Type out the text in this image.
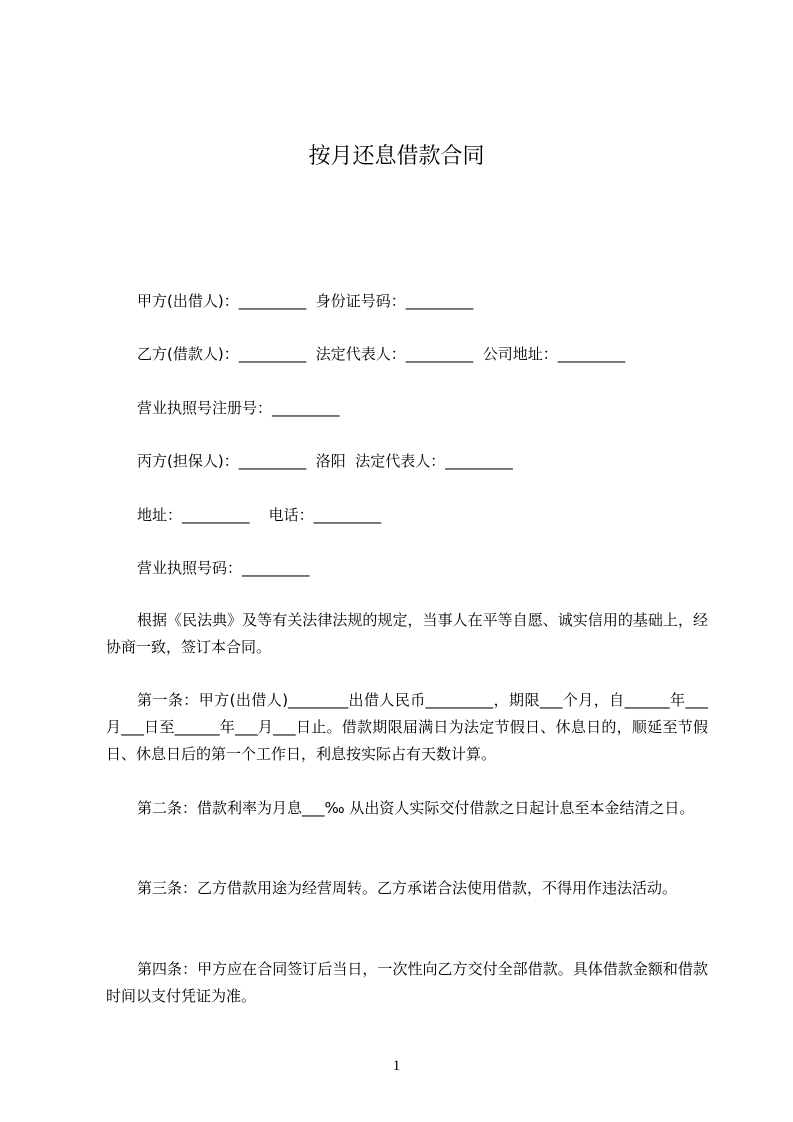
按月还息借款合同
甲方(出借人)：_________  身份证号码：_________
乙方(借款人)：_________  法定代表人：_________  公司地址：_________
营业执照号注册号：_________
丙方(担保人)：_________  洛阳  法定代表人：_________
地址：_________    电话：_________
营业执照号码：_________
根据《民法典》及等有关法律法规的规定，当事人在平等自愿、诚实信用的基础上，经协商一致，签订本合同。
第一条：甲方(出借人)________出借人民币_________，期限___个月，自______年___月___日至______年___月___日止。借款期限届满日为法定节假日、休息日的，顺延至节假日、休息日后的第一个工作日，利息按实际占有天数计算。
第二条：借款利率为月息___‰ 从出资人实际交付借款之日起计息至本金结清之日。
第三条：乙方借款用途为经营周转。乙方承诺合法使用借款，不得用作违法活动。
第四条：甲方应在合同签订后当日，一次性向乙方交付全部借款。具体借款金额和借款时间以支付凭证为准。
1
